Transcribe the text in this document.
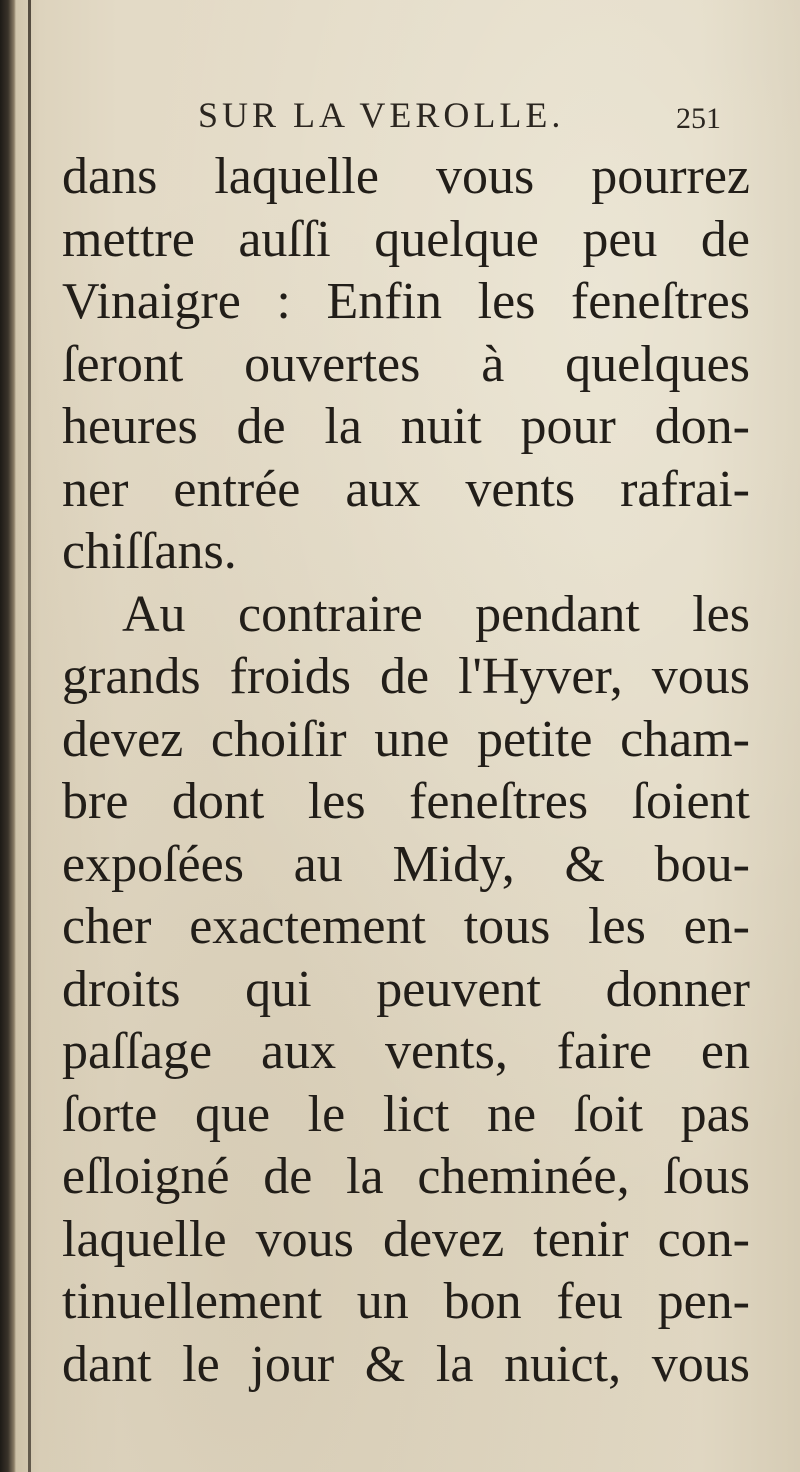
SUR LA VEROLLE.	251
dans laquelle vous pourrez
mettre auſſi quelque peu de
Vinaigre : Enfin les feneſtres
ſeront ouvertes à quelques
heures de la nuit pour don-
ner entrée aux vents rafrai-
chiſſans.
Au contraire pendant les
grands froids de l'Hyver, vous
devez choiſir une petite cham-
bre dont les feneſtres ſoient
expoſées au Midy, & bou-
cher exactement tous les en-
droits qui peuvent donner
paſſage aux vents, faire en
ſorte que le lict ne ſoit pas
eſloigné de la cheminée, ſous
laquelle vous devez tenir con-
tinuellement un bon feu pen-
dant le jour & la nuict, vous
